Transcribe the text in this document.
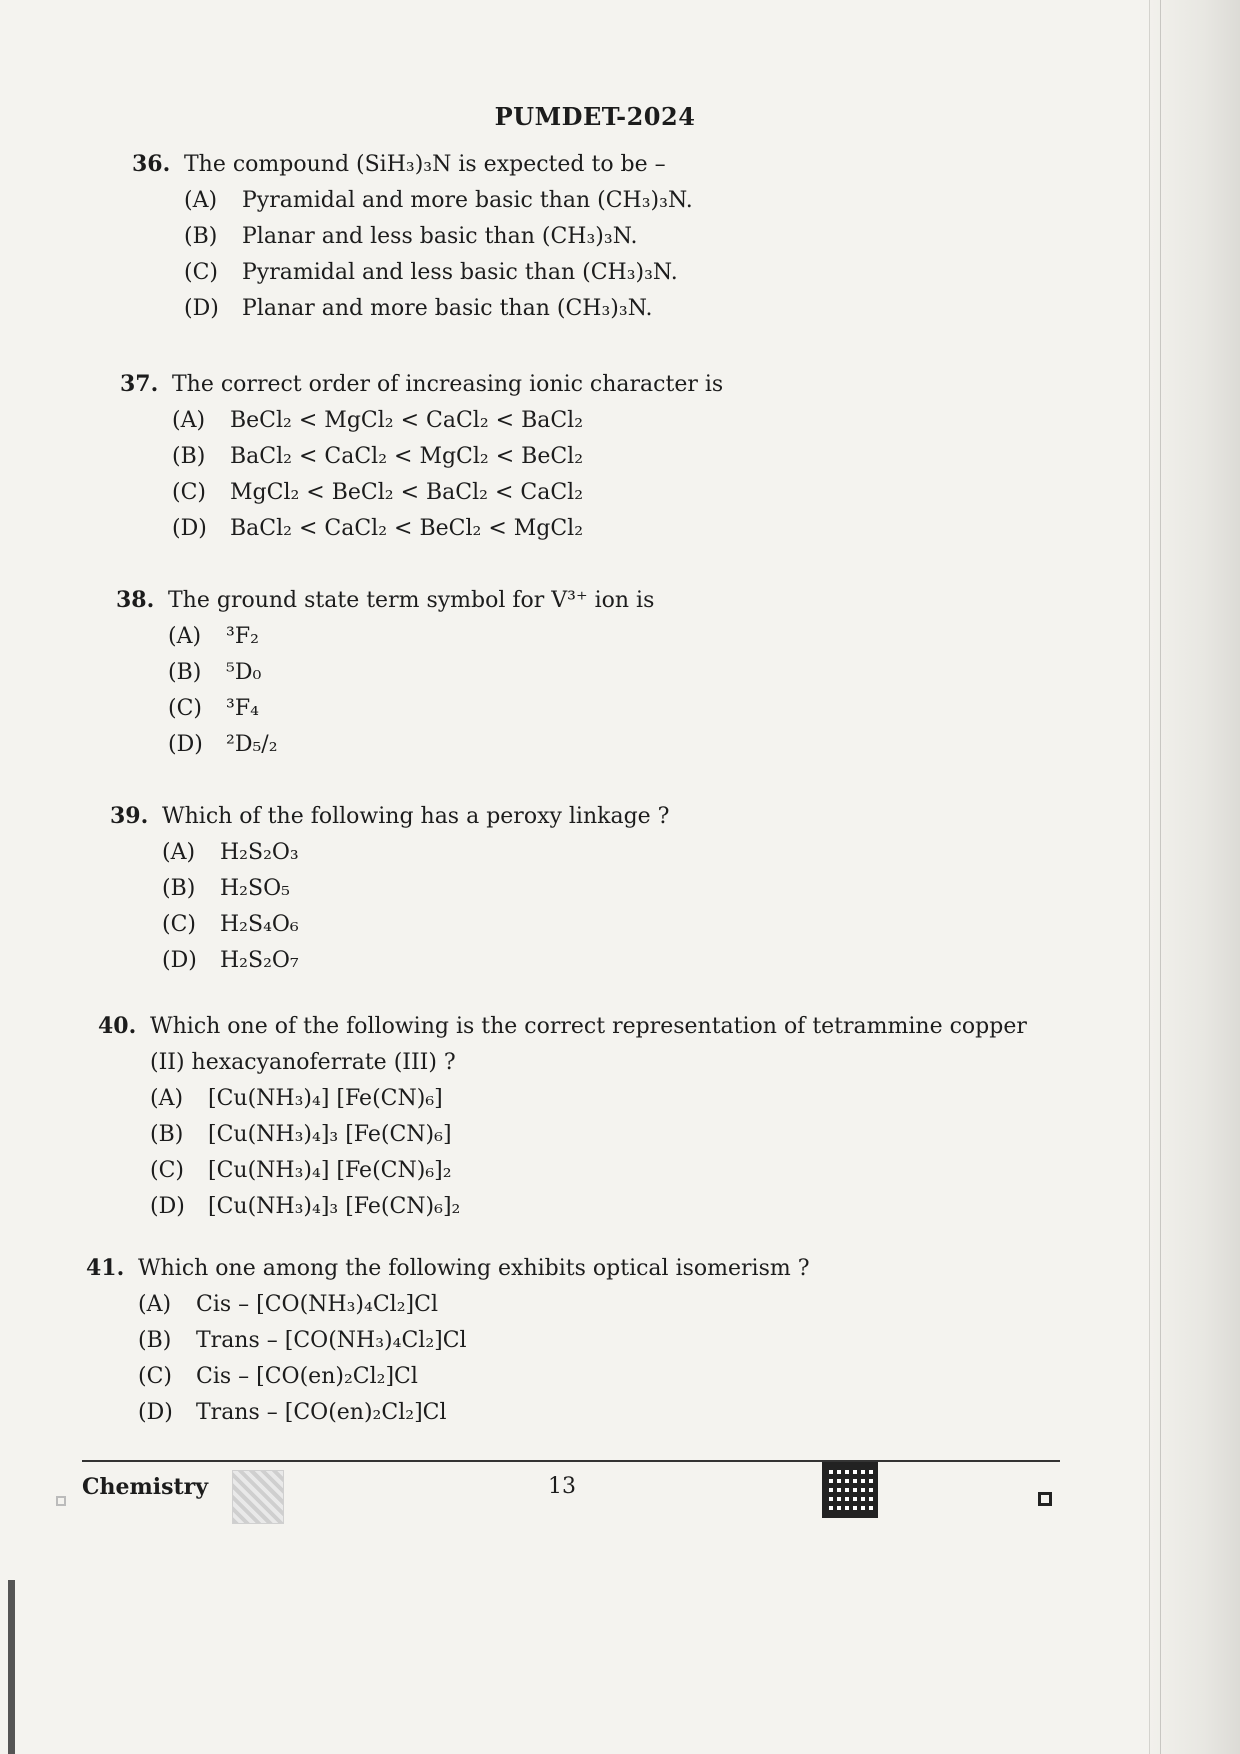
PUMDET-2024
36. The compound (SiH₃)₃N is expected to be –
(A) Pyramidal and more basic than (CH₃)₃N.
(B) Planar and less basic than (CH₃)₃N.
(C) Pyramidal and less basic than (CH₃)₃N.
(D) Planar and more basic than (CH₃)₃N.
37. The correct order of increasing ionic character is
(A) BeCl₂ < MgCl₂ < CaCl₂ < BaCl₂
(B) BaCl₂ < CaCl₂ < MgCl₂ < BeCl₂
(C) MgCl₂ < BeCl₂ < BaCl₂ < CaCl₂
(D) BaCl₂ < CaCl₂ < BeCl₂ < MgCl₂
38. The ground state term symbol for V³⁺ ion is
(A) ³F₂
(B) ⁵D₀
(C) ³F₄
(D) ²D₅/₂
39. Which of the following has a peroxy linkage ?
(A) H₂S₂O₃
(B) H₂SO₅
(C) H₂S₄O₆
(D) H₂S₂O₇
40. Which one of the following is the correct representation of tetrammine copper
(II) hexacyanoferrate (III) ?
(A) [Cu(NH₃)₄] [Fe(CN)₆]
(B) [Cu(NH₃)₄]₃ [Fe(CN)₆]
(C) [Cu(NH₃)₄] [Fe(CN)₆]₂
(D) [Cu(NH₃)₄]₃ [Fe(CN)₆]₂
41. Which one among the following exhibits optical isomerism ?
(A) Cis – [CO(NH₃)₄Cl₂]Cl
(B) Trans – [CO(NH₃)₄Cl₂]Cl
(C) Cis – [CO(en)₂Cl₂]Cl
(D) Trans – [CO(en)₂Cl₂]Cl
Chemistry	13
